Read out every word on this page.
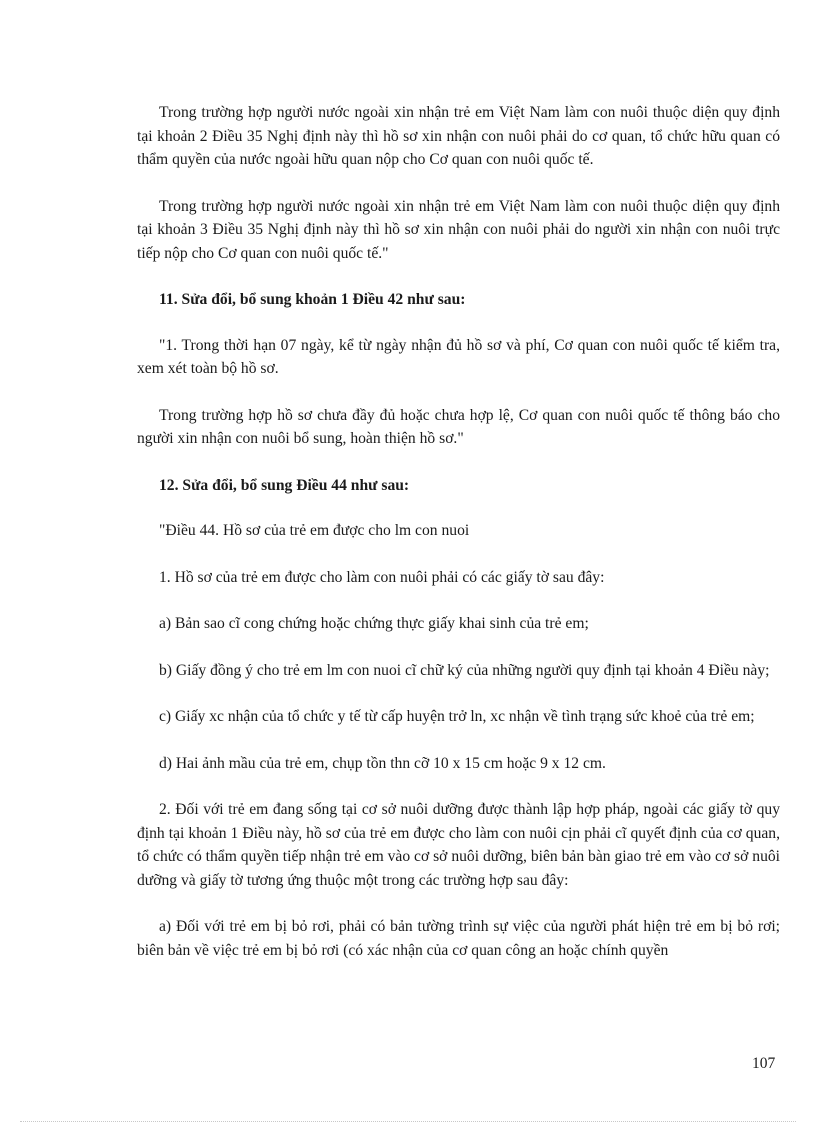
Trong trường hợp người nước ngoài xin nhận trẻ em Việt Nam làm con nuôi thuộc diện quy định tại khoản 2 Điều 35 Nghị định này thì hồ sơ xin nhận con nuôi phải do cơ quan, tổ chức hữu quan có thẩm quyền của nước ngoài hữu quan nộp cho Cơ quan con nuôi quốc tế.

Trong trường hợp người nước ngoài xin nhận trẻ em Việt Nam làm con nuôi thuộc diện quy định tại khoản 3 Điều 35 Nghị định này thì hồ sơ xin nhận con nuôi phải do người xin nhận con nuôi trực tiếp nộp cho Cơ quan con nuôi quốc tế."

11. Sửa đổi, bổ sung khoản 1 Điều 42 như sau:

"1. Trong thời hạn 07 ngày, kể từ ngày nhận đủ hồ sơ và phí, Cơ quan con nuôi quốc tế kiểm tra, xem xét toàn bộ hồ sơ.

Trong trường hợp hồ sơ chưa đầy đủ hoặc chưa hợp lệ, Cơ quan con nuôi quốc tế thông báo cho người xin nhận con nuôi bổ sung, hoàn thiện hồ sơ."

12. Sửa đổi, bổ sung Điều 44 như sau:

"Điều 44. Hồ sơ của trẻ em được cho lm con nuoi

1. Hồ sơ của trẻ em được cho làm con nuôi phải có các giấy tờ sau đây:

a) Bản sao cĩ cong chứng hoặc chứng thực giấy khai sinh của trẻ em;

b) Giấy đồng ý cho trẻ em lm con nuoi cĩ chữ ký của những người quy định tại khoản 4 Điều này;

c) Giấy xc nhận của tổ chức y tế từ cấp huyện trở ln, xc nhận về tình trạng sức khoẻ của trẻ em;

d) Hai ảnh mầu của trẻ em, chụp tồn thn cỡ 10 x 15 cm hoặc 9 x 12 cm.

2. Đối với trẻ em đang sống tại cơ sở nuôi dưỡng được thành lập hợp pháp, ngoài các giấy tờ quy định tại khoản 1 Điều này, hồ sơ của trẻ em được cho làm con nuôi cịn phải cĩ quyết định của cơ quan, tổ chức có thẩm quyền tiếp nhận trẻ em vào cơ sở nuôi dưỡng, biên bản bàn giao trẻ em vào cơ sở nuôi dưỡng và giấy tờ tương ứng thuộc một trong các trường hợp sau đây:

a) Đối với trẻ em bị bỏ rơi, phải có bản tường trình sự việc của người phát hiện trẻ em bị bỏ rơi; biên bản về việc trẻ em bị bỏ rơi (có xác nhận của cơ quan công an hoặc chính quyền

107
